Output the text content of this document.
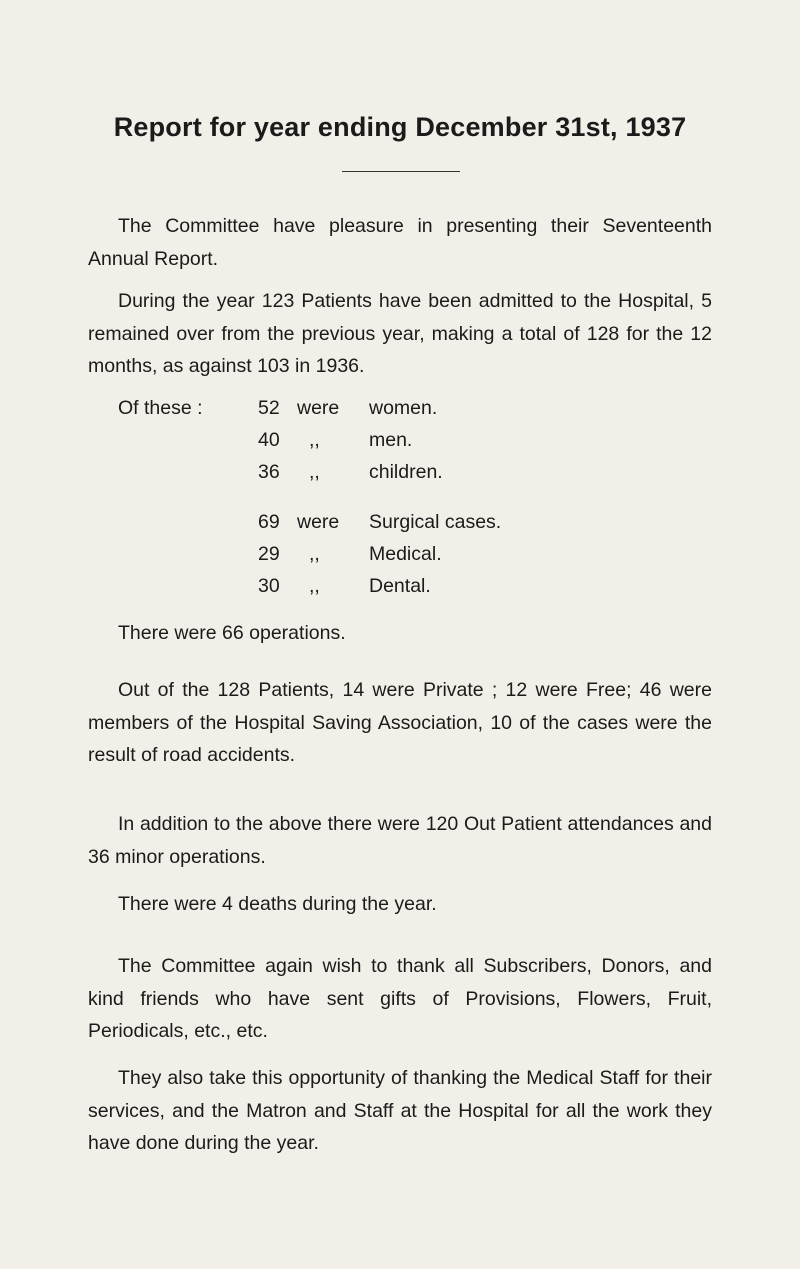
Report for year ending December 31st, 1937

The Committee have pleasure in presenting their Seventeenth Annual Report.

During the year 123 Patients have been admitted to the Hospital, 5 remained over from the previous year, making a total of 128 for the 12 months, as against 103 in 1936.

Of these :	52 were women.
40 ,,	men.
36 ,,	children.
69 were Surgical cases.
29 ,,	Medical.
30 ,,	Dental.

There were 66 operations.

Out of the 128 Patients, 14 were Private ; 12 were Free; 46 were members of the Hospital Saving Association, 10 of the cases were the result of road accidents.

In addition to the above there were 120 Out Patient attendances and 36 minor operations.

There were 4 deaths during the year.

The Committee again wish to thank all Subscribers, Donors, and kind friends who have sent gifts of Provisions, Flowers, Fruit, Periodicals, etc., etc.

They also take this opportunity of thanking the Medical Staff for their services, and the Matron and Staff at the Hospital for all the work they have done during the year.
